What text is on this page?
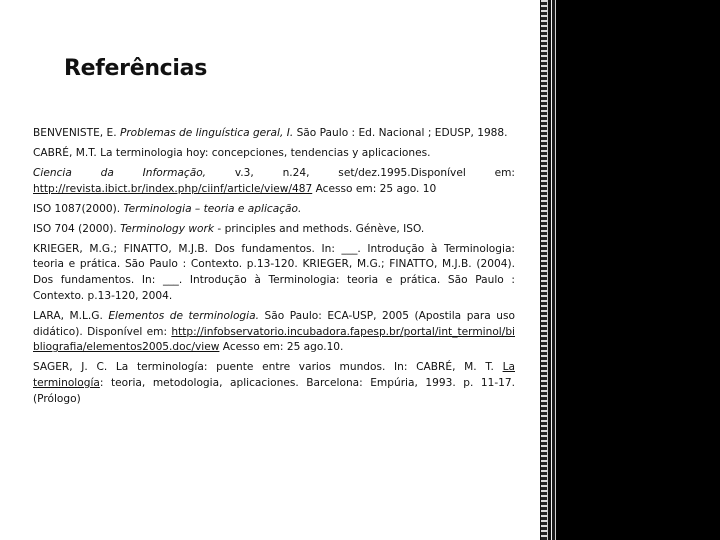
Referências
BENVENISTE, E. Problemas de linguística geral, I. São Paulo : Ed. Nacional ; EDUSP, 1988.
CABRÉ, M.T. La terminologia hoy: concepciones, tendencias y aplicaciones.
Ciencia da Informação, v.3, n.24, set/dez.1995.Disponível em: http://revista.ibict.br/index.php/ciinf/article/view/487 Acesso em: 25 ago. 10
ISO 1087(2000). Terminologia – teoria e aplicação.
ISO 704 (2000). Terminology work - principles and methods. Génève, ISO.
KRIEGER, M.G.; FINATTO, M.J.B. Dos fundamentos. In: ___. Introdução à Terminologia: teoria e prática. São Paulo : Contexto. p.13-120. KRIEGER, M.G.; FINATTO, M.J.B. (2004). Dos fundamentos. In: ___. Introdução à Terminologia: teoria e prática. São Paulo : Contexto. p.13-120, 2004.
LARA, M.L.G. Elementos de terminologia. São Paulo: ECA-USP, 2005 (Apostila para uso didático). Disponível em: http://infobservatorio.incubadora.fapesp.br/portal/int_terminol/bibliografia/elementos2005.doc/view Acesso em: 25 ago.10.
SAGER, J. C. La terminología: puente entre varios mundos. In: CABRÉ, M. T. La terminología: teoria, metodologia, aplicaciones. Barcelona: Empúria, 1993. p. 11-17. (Prólogo)
